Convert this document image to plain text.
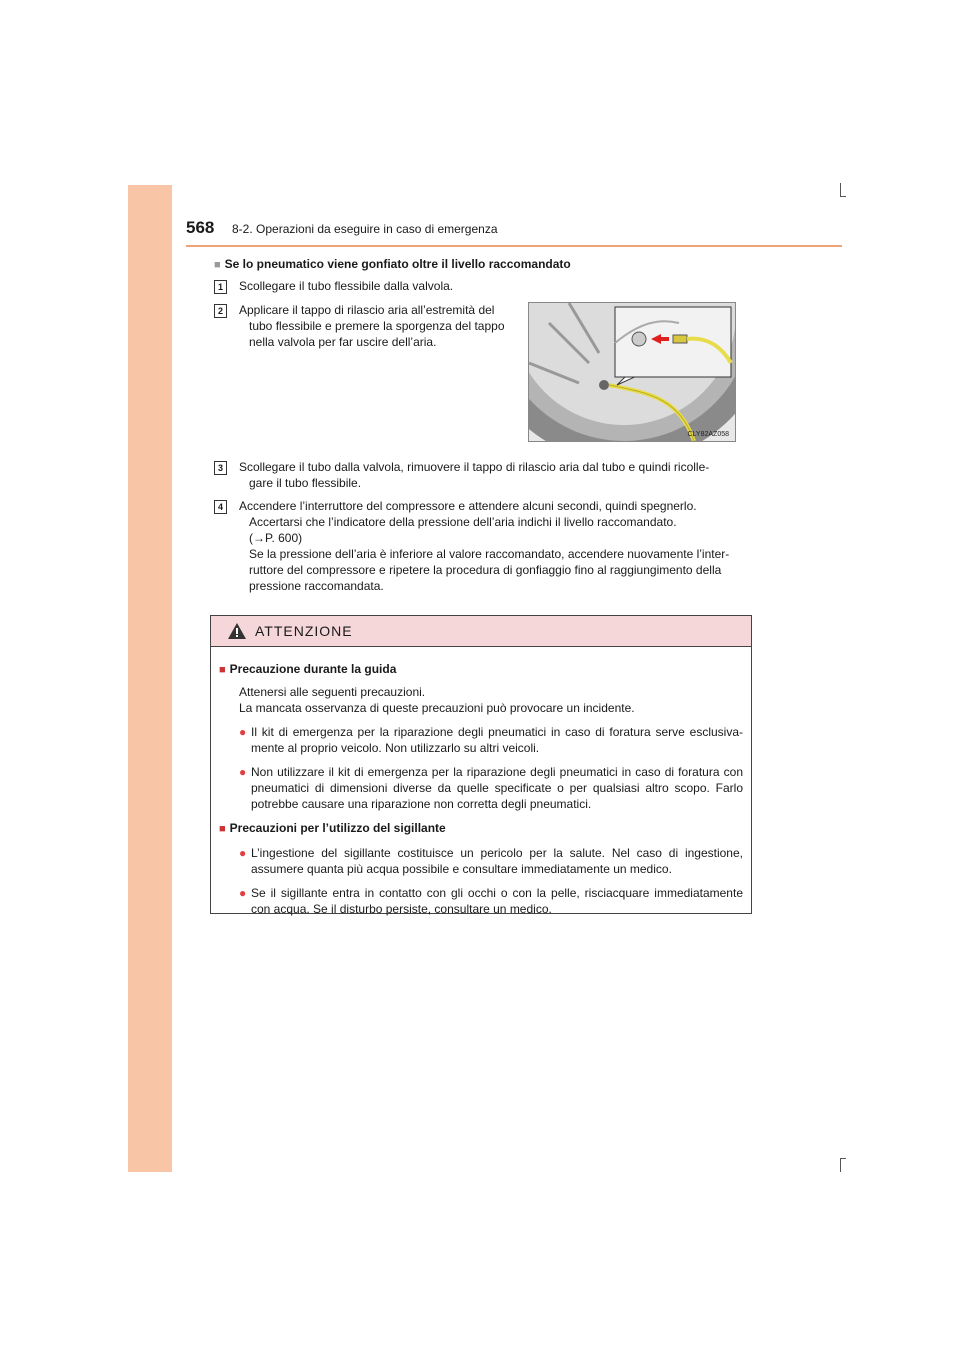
568 8-2. Operazioni da eseguire in caso di emergenza
■ Se lo pneumatico viene gonfiato oltre il livello raccomandato
1	Scollegare il tubo flessibile dalla valvola.
2	Applicare il tappo di rilascio aria all’estremità del
tubo flessibile e premere la sporgenza del tappo
nella valvola per far uscire dell’aria.
CLY82AZ058
3	Scollegare il tubo dalla valvola, rimuovere il tappo di rilascio aria dal tubo e quindi ricolle-
gare il tubo flessibile.
4	Accendere l’interruttore del compressore e attendere alcuni secondi, quindi spegnerlo.
Accertarsi che l’indicatore della pressione dell’aria indichi il livello raccomandato.
(→P. 600)
Se la pressione dell’aria è inferiore al valore raccomandato, accendere nuovamente l’inter-
ruttore del compressore e ripetere la procedura di gonfiaggio fino al raggiungimento della
pressione raccomandata.
ATTENZIONE
■ Precauzione durante la guida
Attenersi alle seguenti precauzioni.
La mancata osservanza di queste precauzioni può provocare un incidente.
● Il kit di emergenza per la riparazione degli pneumatici in caso di foratura serve esclusiva-mente al proprio veicolo. Non utilizzarlo su altri veicoli.
● Non utilizzare il kit di emergenza per la riparazione degli pneumatici in caso di foratura con pneumatici di dimensioni diverse da quelle specificate o per qualsiasi altro scopo. Farlo potrebbe causare una riparazione non corretta degli pneumatici.
■ Precauzioni per l’utilizzo del sigillante
● L’ingestione del sigillante costituisce un pericolo per la salute. Nel caso di ingestione, assumere quanta più acqua possibile e consultare immediatamente un medico.
● Se il sigillante entra in contatto con gli occhi o con la pelle, risciacquare immediatamente con acqua. Se il disturbo persiste, consultare un medico.
